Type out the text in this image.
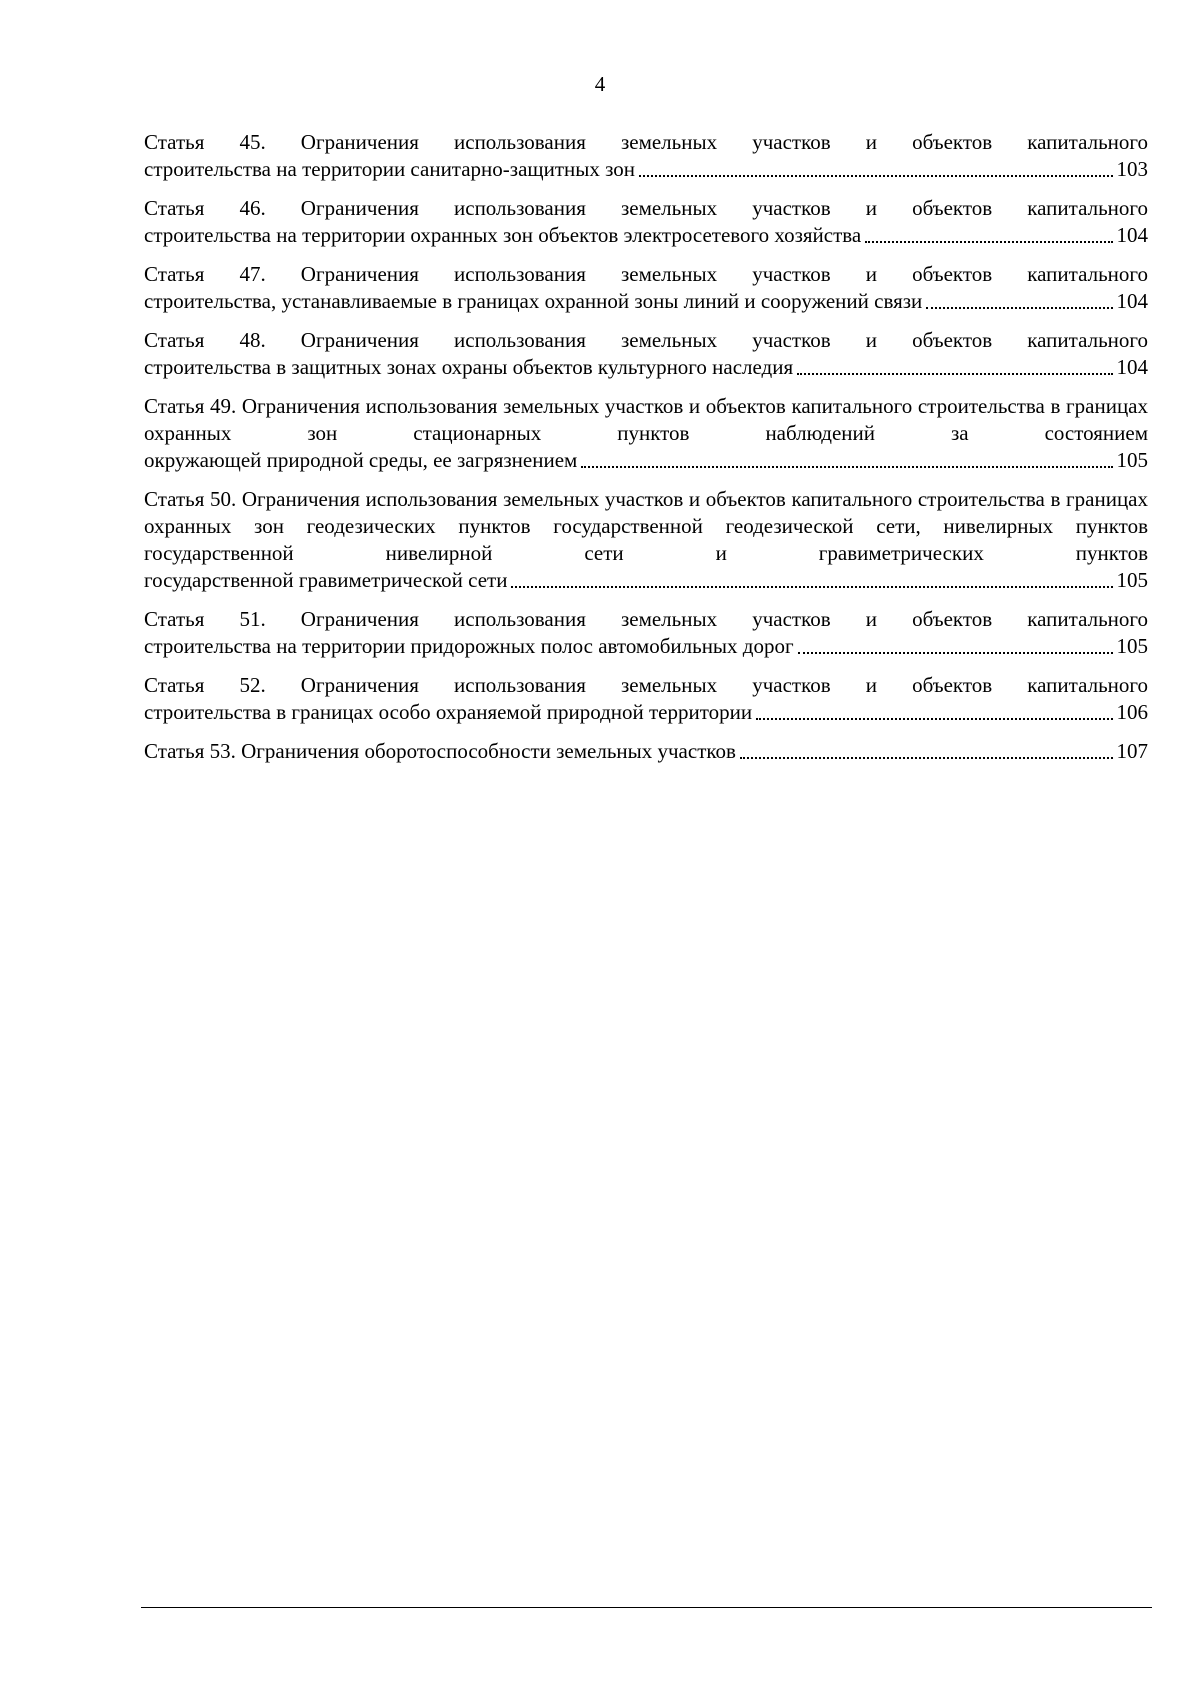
4
Статья 45. Ограничения использования земельных участков и объектов капитального
строительства на территории санитарно-защитных зон	103
Статья 46. Ограничения использования земельных участков и объектов капитального
строительства на территории охранных зон объектов электросетевого хозяйства	104
Статья 47. Ограничения использования земельных участков и объектов капитального
строительства, устанавливаемые в границах охранной зоны линий и сооружений связи	104
Статья 48. Ограничения использования земельных участков и объектов капитального
строительства в защитных зонах охраны объектов культурного наследия	104
Статья 49. Ограничения использования земельных участков и объектов капитального строительства в границах охранных зон стационарных пунктов наблюдений за состоянием
окружающей природной среды, ее загрязнением	105
Статья 50. Ограничения использования земельных участков и объектов капитального строительства в границах охранных зон геодезических пунктов государственной геодезической сети, нивелирных пунктов государственной нивелирной сети и гравиметрических пунктов
государственной гравиметрической сети	105
Статья 51. Ограничения использования земельных участков и объектов капитального
строительства на территории придорожных полос автомобильных дорог	105
Статья 52. Ограничения использования земельных участков и объектов капитального
строительства в границах особо охраняемой природной территории	106
Статья 53. Ограничения оборотоспособности земельных участков	107
